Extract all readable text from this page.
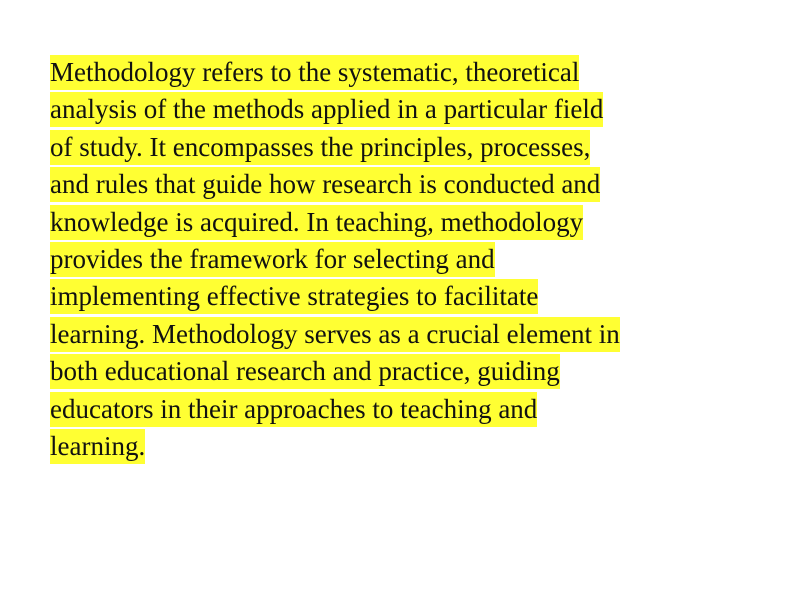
Methodology refers to the systematic, theoretical
analysis of the methods applied in a particular field
of study. It encompasses the principles, processes,
and rules that guide how research is conducted and
knowledge is acquired. In teaching, methodology
provides the framework for selecting and
implementing effective strategies to facilitate
learning. Methodology serves as a crucial element in
both educational research and practice, guiding
educators in their approaches to teaching and
learning.
